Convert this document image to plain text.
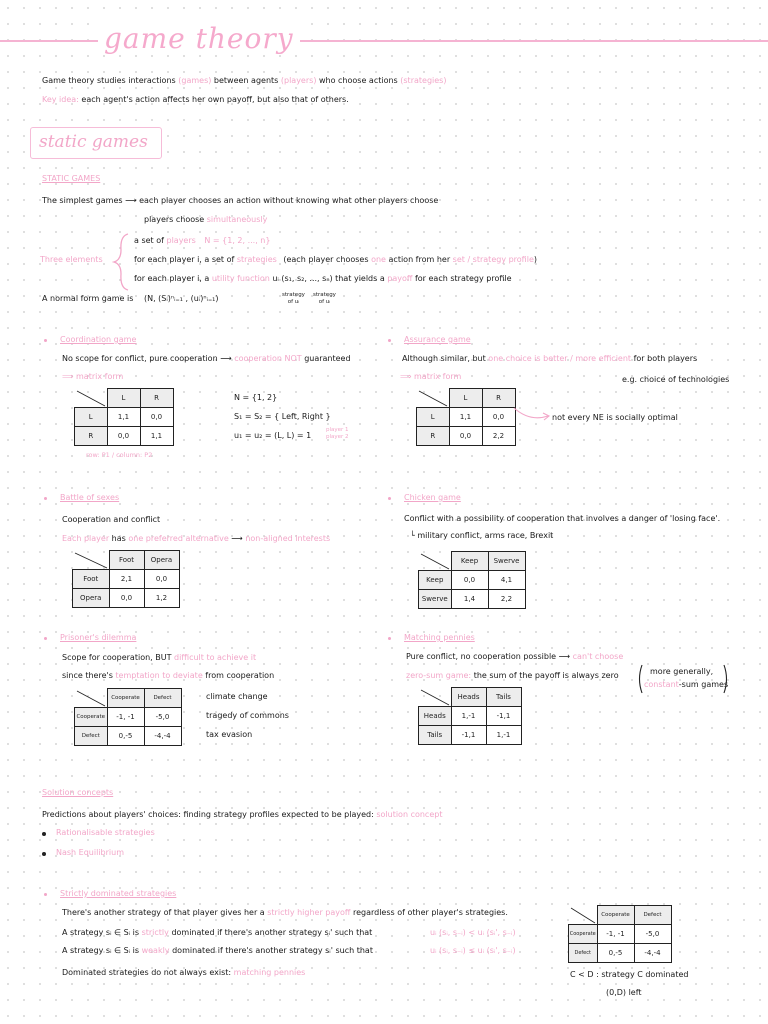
game theory
Game theory studies interactions (games) between agents (players) who choose actions (strategies)
Key idea: each agent's action affects her own payoff, but also that of others.
static games
STATIC GAMES
The simplest games ⟶ each player chooses an action without knowing what other players choose
players choose simultaneously
Three elements
a set of players N = {1, 2, ..., n}
for each player i, a set of strategies (each player chooses one action from her set / strategy profile)
for each player i, a utility function uᵢ (s₁, s₂, ..., sₙ) that yields a payoff for each strategy profile
A normal form game is (N, (Sᵢ)ⁿᵢ₌₁ , (uᵢ)ⁿᵢ₌₁)	strategy
of uᵢ
strategy
of uᵢ
Coordination game
No scope for conflict, pure cooperation ⟶ cooperation NOT guaranteed
⟹ matrix form
	L	R
L	1,1	0,0
R	0,0	1,1
row: P1 / column: P2
N = {1, 2}
S₁ = S₂ = { Left, Right }
u₁ = u₂ = (L, L) = 1
player 1
player 2
Assurance game
Although similar, but one choice is better / more efficient for both players
⟹ matrix form	e.g. choice of technologies
	L	R
L	1,1	0,0
R	0,0	2,2
not every NE is socially optimal
Battle of sexes
Cooperation and conflict
Each player has one preferred alternative ⟶ non-aligned interests
	Foot	Opera
Foot	2,1	0,0
Opera	0,0	1,2
Chicken game
Conflict with a possibility of cooperation that involves a danger of 'losing face'.
└ military conflict, arms race, Brexit
	Keep	Swerve
Keep	0,0	4,1
Swerve	1,4	2,2
Prisoner's dilemma
Scope for cooperation, BUT difficult to achieve it
since there's temptation to deviate from cooperation
	Cooperate	Defect
Cooperate	-1, -1	-5,0
Defect	0,-5	-4,-4
climate change
tragedy of commons
tax evasion
Matching pennies
Pure conflict, no cooperation possible ⟶ can't choose
zero-sum game: the sum of the payoff is always zero	more generally,
constant-sum games
	Heads	Tails
Heads	1,-1	-1,1
Tails	-1,1	1,-1
Solution concepts
Predictions about players' choices: finding strategy profiles expected to be played: solution concept
Rationalisable strategies
Nash Equilibrium
Strictly dominated strategies
There's another strategy of that player gives her a strictly higher payoff regardless of other player's strategies.
A strategy sᵢ ∈ Sᵢ is strictly dominated if there's another strategy sᵢ' such that	uᵢ (sᵢ, s₋ᵢ) < uᵢ (sᵢ', s₋ᵢ)
A strategy sᵢ ∈ Sᵢ is weakly dominated if there's another strategy sᵢ' such that	uᵢ (sᵢ, s₋ᵢ) ≤ uᵢ (sᵢ', s₋ᵢ)
Dominated strategies do not always exist: matching pennies
	Cooperate	Defect
Cooperate	-1, -1	-5,0
Defect	0,-5	-4,-4
C < D : strategy C dominated
(0,D) left
